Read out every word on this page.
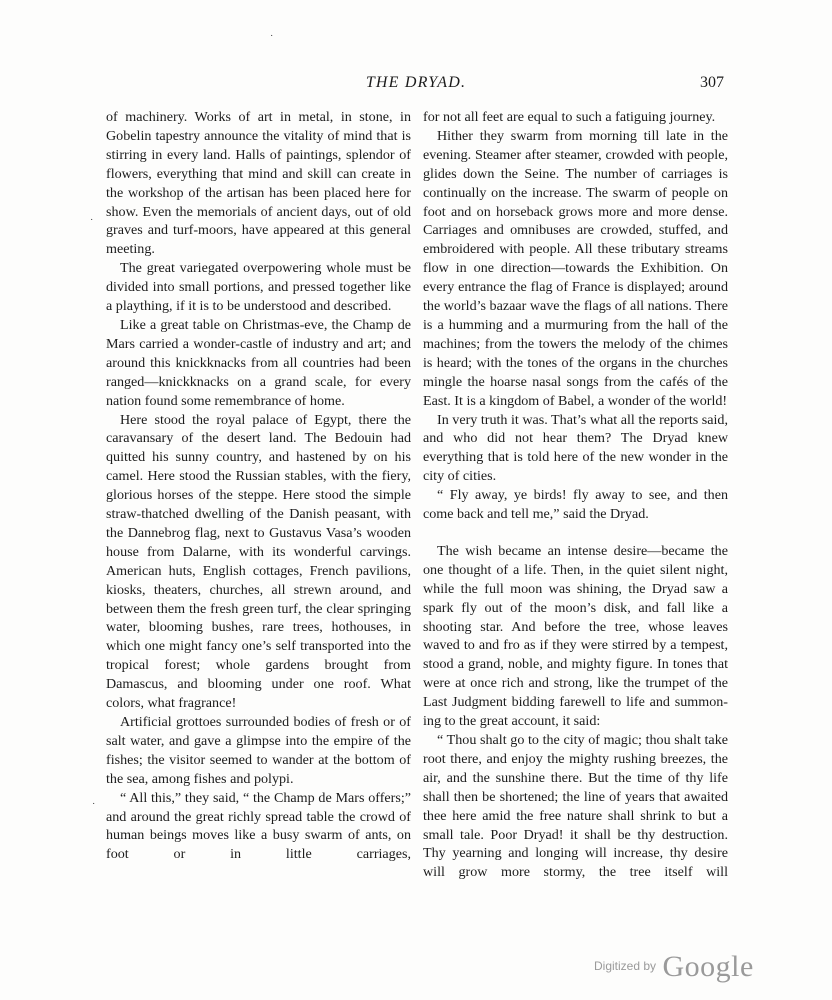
˙
˙
˙
THE DRYAD.	307

of machinery. Works of art in metal, in stone, in Gobelin tapestry announce the vitality of mind that is stirring in every land. Halls of paintings, splendor of flowers, everything that mind and skill can create in the workshop of the artisan has been placed here for show. Even the memorials of ancient days, out of old graves and turf-moors, have appeared at this general meeting.

The great variegated overpowering whole must be divided into small portions, and pressed together like a plaything, if it is to be understood and described.

Like a great table on Christmas-eve, the Champ de Mars carried a wonder-castle of industry and art; and around this knickknacks from all countries had been ranged—knickknacks on a grand scale, for every nation found some remembrance of home.

Here stood the royal palace of Egypt, there the caravansary of the desert land. The Bedouin had quitted his sunny country, and hastened by on his camel. Here stood the Russian stables, with the fiery, glorious horses of the steppe. Here stood the simple straw-thatched dwelling of the Danish peasant, with the Dannebrog flag, next to Gustavus Vasa’s wooden house from Dalarne, with its wonderful carvings. American huts, English cottages, French pavilions, kiosks, theaters, churches, all strewn around, and between them the fresh green turf, the clear springing water, blooming bushes, rare trees, hothouses, in which one might fancy one’s self transported into the tropical forest; whole gardens brought from Damascus, and blooming under one roof. What colors, what fragrance!

Artificial grottoes surrounded bodies of fresh or of salt water, and gave a glimpse into the empire of the fishes; the visitor seemed to wander at the bottom of the sea, among fishes and polypi.

“ All this,” they said, “ the Champ de Mars offers;” and around the great richly spread table the crowd of human beings moves like a busy swarm of ants, on foot or in little carriages,

for not all feet are equal to such a fatiguing journey.

Hither they swarm from morning till late in the evening. Steamer after steamer, crowded with people, glides down the Seine. The number of carriages is continually on the increase. The swarm of people on foot and on horseback grows more and more dense. Carriages and omnibuses are crowded, stuffed, and embroidered with people. All these tributary streams flow in one direction—towards the Exhibition. On every entrance the flag of France is displayed; around the world’s bazaar wave the flags of all nations. There is a humming and a murmuring from the hall of the machines; from the towers the melody of the chimes is heard; with the tones of the organs in the churches mingle the hoarse nasal songs from the cafés of the East. It is a kingdom of Babel, a wonder of the world!

In very truth it was. That’s what all the reports said, and who did not hear them? The Dryad knew everything that is told here of the new wonder in the city of cities.

“ Fly away, ye birds! fly away to see, and then come back and tell me,” said the Dryad.

The wish became an intense desire—became the one thought of a life. Then, in the quiet silent night, while the full moon was shining, the Dryad saw a spark fly out of the moon’s disk, and fall like a shooting star. And before the tree, whose leaves waved to and fro as if they were stirred by a tempest, stood a grand, noble, and mighty figure. In tones that were at once rich and strong, like the trumpet of the Last Judgment bidding farewell to life and summoning to the great account, it said:

“ Thou shalt go to the city of magic; thou shalt take root there, and enjoy the mighty rushing breezes, the air, and the sunshine there. But the time of thy life shall then be shortened; the line of years that awaited thee here amid the free nature shall shrink to but a small tale. Poor Dryad! it shall be thy destruction. Thy yearning and longing will increase, thy desire will grow more stormy, the tree itself will

$^{Digitized by}$ Google
